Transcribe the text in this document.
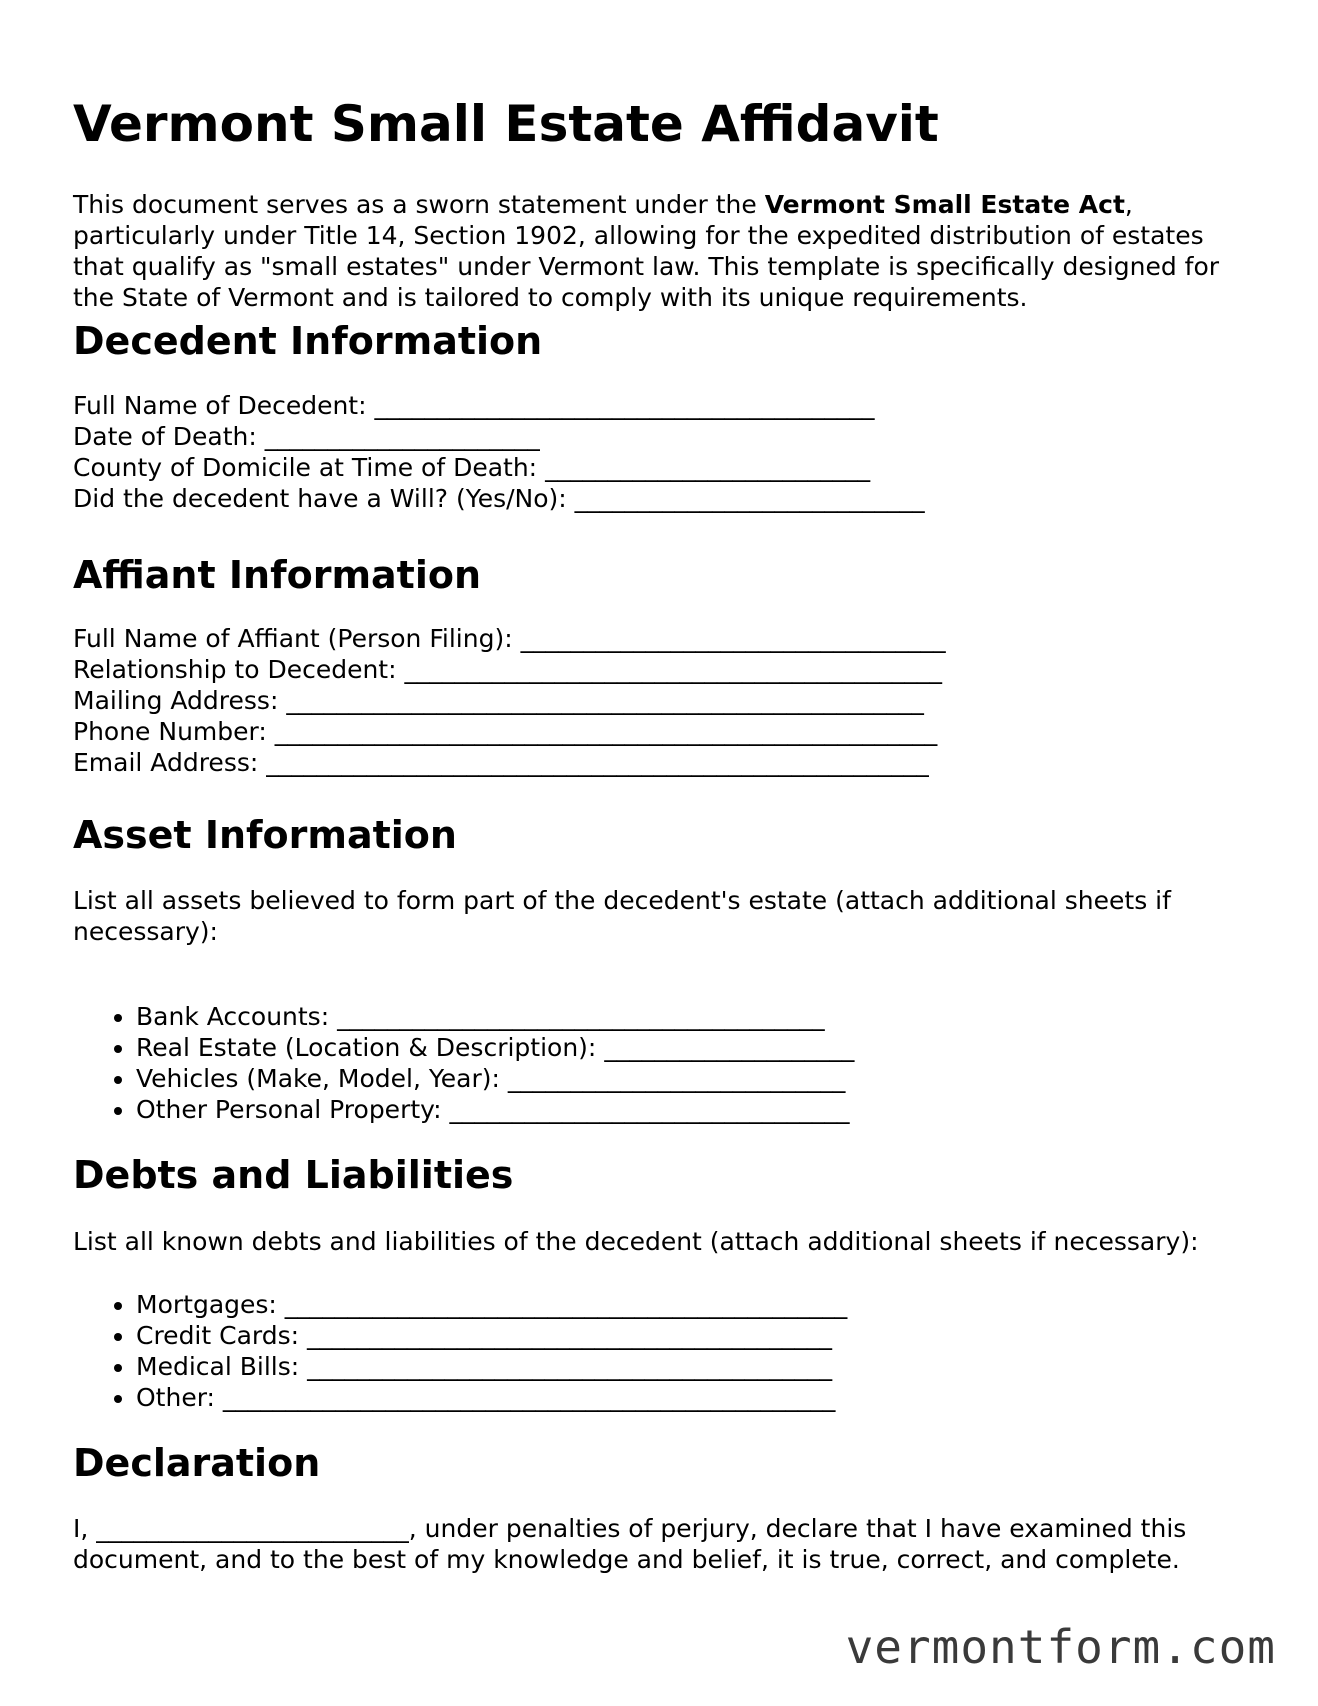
Vermont Small Estate Affidavit

This document serves as a sworn statement under the Vermont Small Estate Act, particularly under Title 14, Section 1902, allowing for the expedited distribution of estates that qualify as "small estates" under Vermont law. This template is specifically designed for the State of Vermont and is tailored to comply with its unique requirements.

Decedent Information
Full Name of Decedent: ________________________________________
Date of Death: ______________________
County of Domicile at Time of Death: __________________________
Did the decedent have a Will? (Yes/No): ____________________________
Affiant Information
Full Name of Affiant (Person Filing): __________________________________
Relationship to Decedent: ___________________________________________
Mailing Address: ___________________________________________________
Phone Number: _____________________________________________________
Email Address: _____________________________________________________
Asset Information

List all assets believed to form part of the decedent's estate (attach additional sheets if necessary):

• Bank Accounts: _______________________________________
• Real Estate (Location & Description): ____________________
• Vehicles (Make, Model, Year): ___________________________
• Other Personal Property: ________________________________
Debts and Liabilities

List all known debts and liabilities of the decedent (attach additional sheets if necessary):

• Mortgages: _____________________________________________
• Credit Cards: __________________________________________
• Medical Bills: __________________________________________
• Other: _________________________________________________
Declaration

I, _________________________, under penalties of perjury, declare that I have examined this document, and to the best of my knowledge and belief, it is true, correct, and complete.

vermontform.com
